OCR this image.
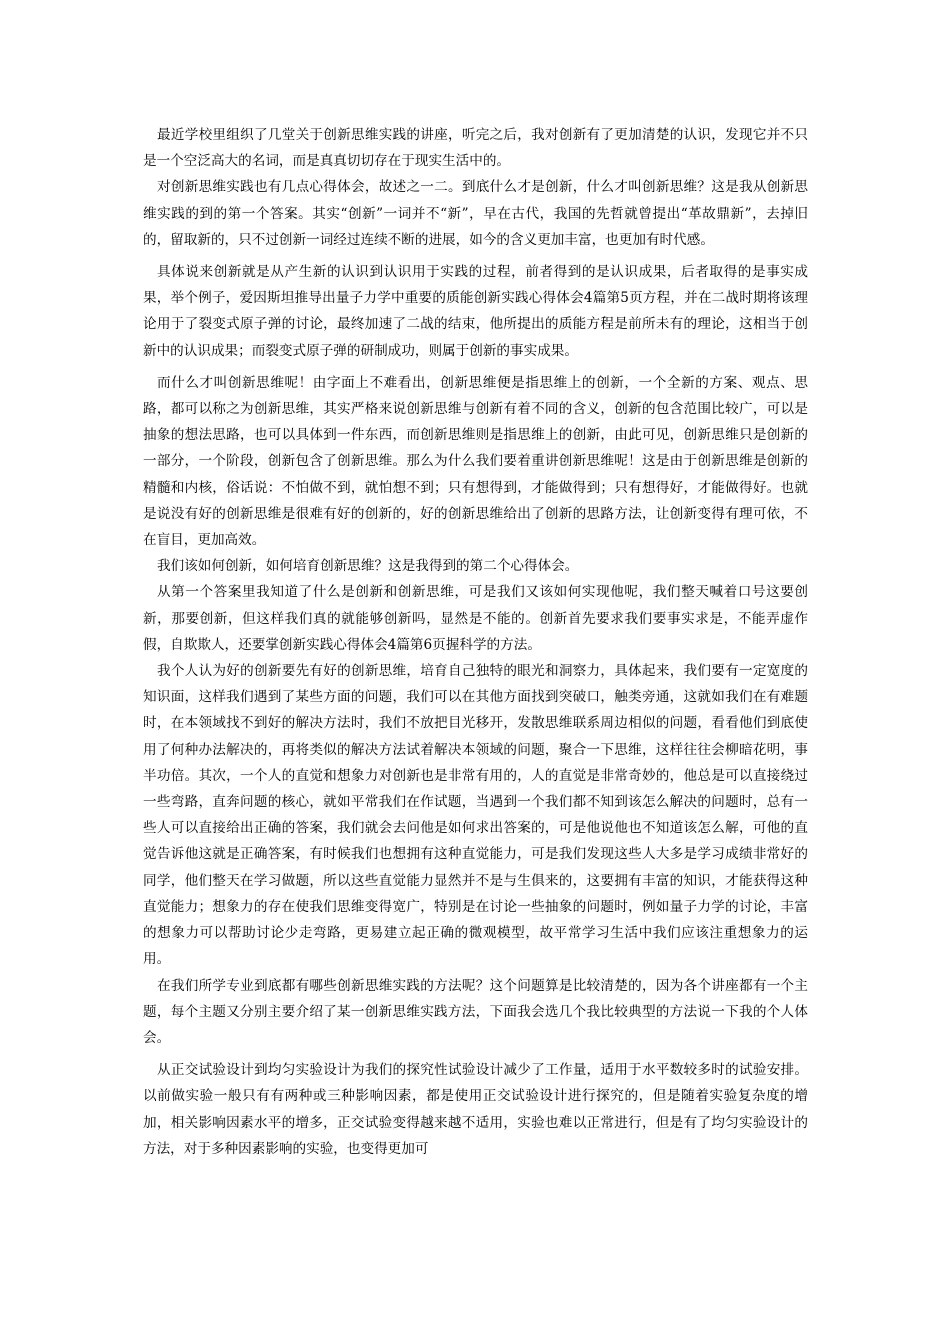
最近学校里组织了几堂关于创新思维实践的讲座，听完之后，我对创新有了更加清楚的认识，发现它并不只是一个空泛高大的名词，而是真真切切存在于现实生活中的。

对创新思维实践也有几点心得体会，故述之一二。到底什么才是创新，什么才叫创新思维？这是我从创新思维实践的到的第一个答案。其实“创新”一词并不“新”，早在古代，我国的先哲就曾提出“革故鼎新”，去掉旧的，留取新的，只不过创新一词经过连续不断的进展，如今的含义更加丰富，也更加有时代感。

具体说来创新就是从产生新的认识到认识用于实践的过程，前者得到的是认识成果，后者取得的是事实成果，举个例子，爱因斯坦推导出量子力学中重要的质能创新实践心得体会4篇第5页方程，并在二战时期将该理论用于了裂变式原子弹的讨论，最终加速了二战的结束，他所提出的质能方程是前所未有的理论，这相当于创新中的认识成果；而裂变式原子弹的研制成功，则属于创新的事实成果。

而什么才叫创新思维呢！由字面上不难看出，创新思维便是指思维上的创新，一个全新的方案、观点、思路，都可以称之为创新思维，其实严格来说创新思维与创新有着不同的含义，创新的包含范围比较广，可以是抽象的想法思路，也可以具体到一件东西，而创新思维则是指思维上的创新，由此可见，创新思维只是创新的一部分，一个阶段，创新包含了创新思维。那么为什么我们要着重讲创新思维呢！这是由于创新思维是创新的精髓和内核，俗话说：不怕做不到，就怕想不到；只有想得到，才能做得到；只有想得好，才能做得好。也就是说没有好的创新思维是很难有好的创新的，好的创新思维给出了创新的思路方法，让创新变得有理可依，不在盲目，更加高效。

我们该如何创新，如何培育创新思维？这是我得到的第二个心得体会。

从第一个答案里我知道了什么是创新和创新思维，可是我们又该如何实现他呢，我们整天喊着口号这要创新，那要创新，但这样我们真的就能够创新吗，显然是不能的。创新首先要求我们要事实求是，不能弄虚作假，自欺欺人，还要掌创新实践心得体会4篇第6页握科学的方法。

我个人认为好的创新要先有好的创新思维，培育自己独特的眼光和洞察力，具体起来，我们要有一定宽度的知识面，这样我们遇到了某些方面的问题，我们可以在其他方面找到突破口，触类旁通，这就如我们在有难题时，在本领域找不到好的解决方法时，我们不放把目光移开，发散思维联系周边相似的问题，看看他们到底使用了何种办法解决的，再将类似的解决方法试着解决本领域的问题，聚合一下思维，这样往往会柳暗花明，事半功倍。其次，一个人的直觉和想象力对创新也是非常有用的，人的直觉是非常奇妙的，他总是可以直接绕过一些弯路，直奔问题的核心，就如平常我们在作试题，当遇到一个我们都不知到该怎么解决的问题时，总有一些人可以直接给出正确的答案，我们就会去问他是如何求出答案的，可是他说他也不知道该怎么解，可他的直觉告诉他这就是正确答案，有时候我们也想拥有这种直觉能力，可是我们发现这些人大多是学习成绩非常好的同学，他们整天在学习做题，所以这些直觉能力显然并不是与生俱来的，这要拥有丰富的知识，才能获得这种直觉能力；想象力的存在使我们思维变得宽广，特别是在讨论一些抽象的问题时，例如量子力学的讨论，丰富的想象力可以帮助讨论少走弯路，更易建立起正确的微观模型，故平常学习生活中我们应该注重想象力的运用。

在我们所学专业到底都有哪些创新思维实践的方法呢？这个问题算是比较清楚的，因为各个讲座都有一个主题，每个主题又分别主要介绍了某一创新思维实践方法，下面我会选几个我比较典型的方法说一下我的个人体会。

从正交试验设计到均匀实验设计为我们的探究性试验设计减少了工作量，适用于水平数较多时的试验安排。以前做实验一般只有有两种或三种影响因素，都是使用正交试验设计进行探究的，但是随着实验复杂度的增加，相关影响因素水平的增多，正交试验变得越来越不适用，实验也难以正常进行，但是有了均匀实验设计的方法，对于多种因素影响的实验，也变得更加可
